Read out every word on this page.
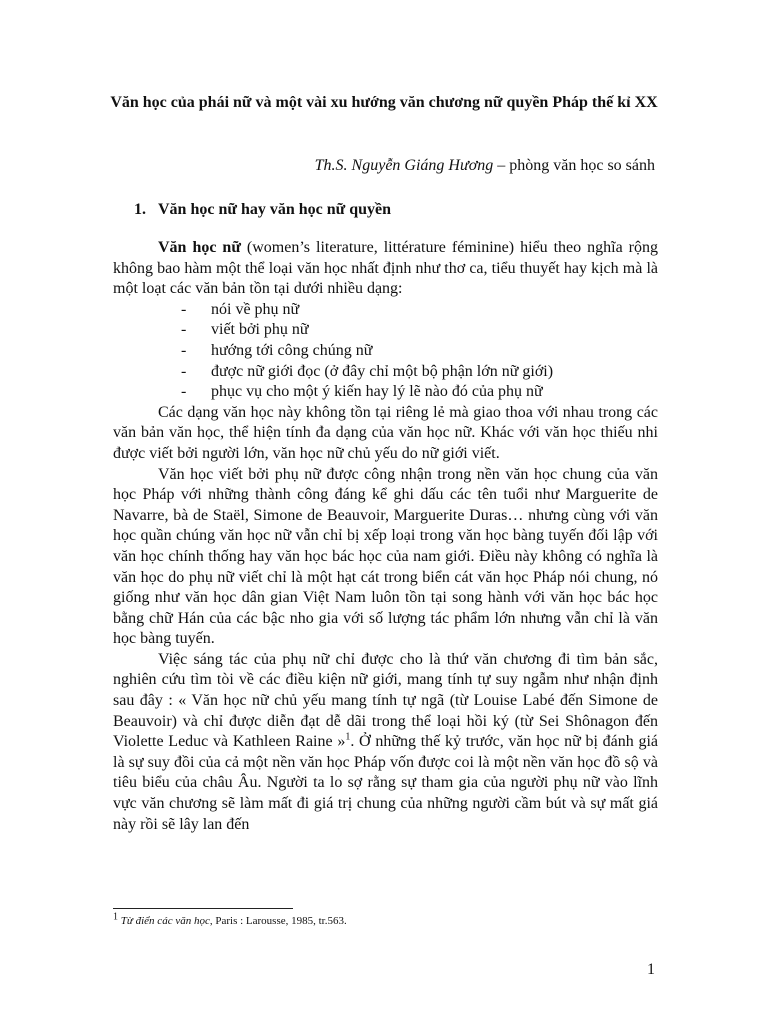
Văn học của phái nữ và một vài xu hướng văn chương nữ quyền Pháp thế kỉ XX
Th.S. Nguyễn Giáng Hương – phòng văn học so sánh
1. Văn học nữ hay văn học nữ quyền

Văn học nữ (women’s literature, littérature féminine) hiểu theo nghĩa rộng không bao hàm một thể loại văn học nhất định như thơ ca, tiểu thuyết hay kịch mà là một loạt các văn bản tồn tại dưới nhiều dạng:

- nói về phụ nữ
- viết bởi phụ nữ
- hướng tới công chúng nữ
- được nữ giới đọc (ở đây chỉ một bộ phận lớn nữ giới)
- phục vụ cho một ý kiến hay lý lẽ nào đó của phụ nữ

Các dạng văn học này không tồn tại riêng lẻ mà giao thoa với nhau trong các văn bản văn học, thể hiện tính đa dạng của văn học nữ. Khác với văn học thiếu nhi được viết bởi người lớn, văn học nữ chủ yếu do nữ giới viết.

Văn học viết bởi phụ nữ được công nhận trong nền văn học chung của văn học Pháp với những thành công đáng kể ghi dấu các tên tuổi như Marguerite de Navarre, bà de Staël, Simone de Beauvoir, Marguerite Duras… nhưng cùng với văn học quần chúng văn học nữ vẫn chỉ bị xếp loại trong văn học bàng tuyến đối lập với văn học chính thống hay văn học bác học của nam giới. Điều này không có nghĩa là văn học do phụ nữ viết chỉ là một hạt cát trong biển cát văn học Pháp nói chung, nó giống như văn học dân gian Việt Nam luôn tồn tại song hành với văn học bác học bằng chữ Hán của các bậc nho gia với số lượng tác phẩm lớn nhưng vẫn chỉ là văn học bàng tuyến.

Việc sáng tác của phụ nữ chỉ được cho là thứ văn chương đi tìm bản sắc, nghiên cứu tìm tòi về các điều kiện nữ giới, mang tính tự suy ngẫm như nhận định sau đây : « Văn học nữ chủ yếu mang tính tự ngã (từ Louise Labé đến Simone de Beauvoir) và chỉ được diễn đạt dễ dãi trong thể loại hồi ký (từ Sei Shônagon đến Violette Leduc và Kathleen Raine »$^1$. Ở những thế kỷ trước, văn học nữ bị đánh giá là sự suy đồi của cả một nền văn học Pháp vốn được coi là một nền văn học đồ sộ và tiêu biểu của châu Âu. Người ta lo sợ rằng sự tham gia của người phụ nữ vào lĩnh vực văn chương sẽ làm mất đi giá trị chung của những người cầm bút và sự mất giá này rồi sẽ lây lan đến

$^1$ Từ điển các văn học, Paris : Larousse, 1985, tr.563.
1
